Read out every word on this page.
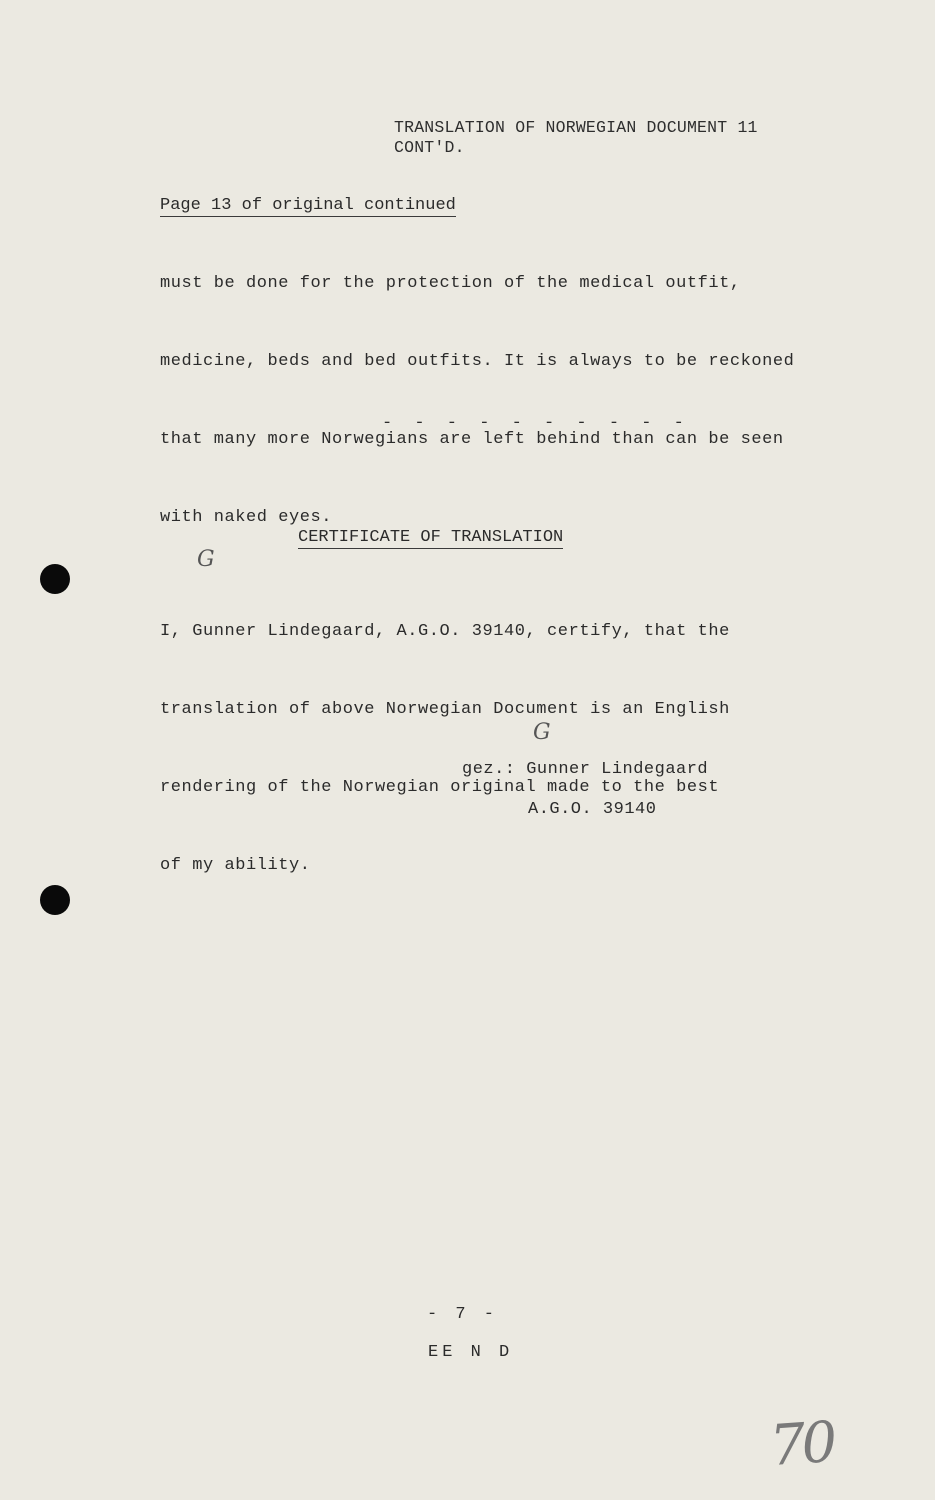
TRANSLATION OF NORWEGIAN DOCUMENT 11
CONT'D.
Page 13 of original continued

must be done for the protection of the medical outfit,

medicine, beds and bed outfits. It is always to be reckoned

that many more Norwegians are left behind than can be seen

with naked eyes.

- - - - - - - - - -
CERTIFICATE OF TRANSLATION
G

I, Gunner Lindegaard, A.G.O. 39140, certify, that the

translation of above Norwegian Document is an English

rendering of the Norwegian original made to the best

of my ability.

G
gez.: Gunner Lindegaard
A.G.O. 39140
- 7 -
EE N D
70
